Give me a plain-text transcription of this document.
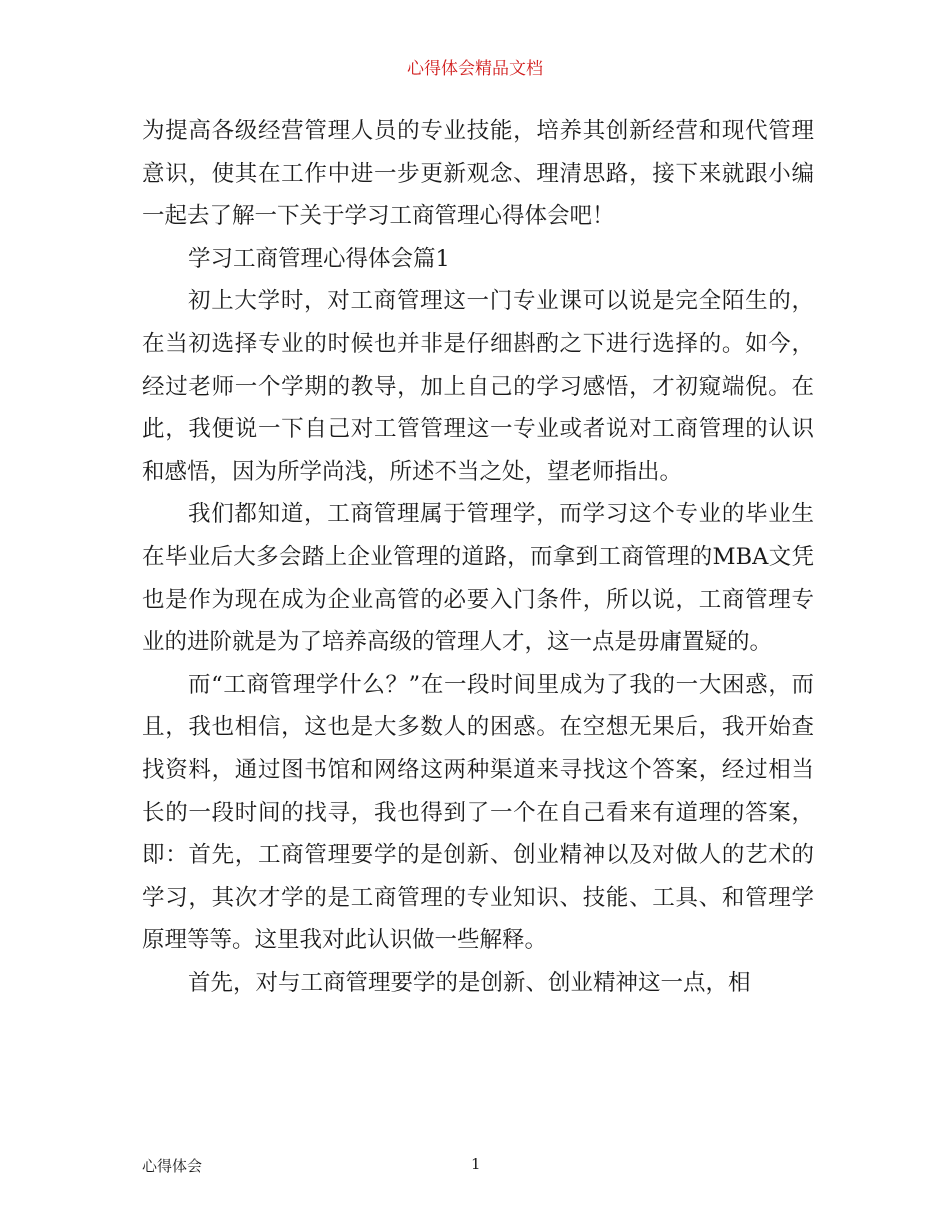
心得体会精品文档

为提高各级经营管理人员的专业技能，培养其创新经营和现代管理意识，使其在工作中进一步更新观念、理清思路，接下来就跟小编一起去了解一下关于学习工商管理心得体会吧！

学习工商管理心得体会篇1

初上大学时，对工商管理这一门专业课可以说是完全陌生的，在当初选择专业的时候也并非是仔细斟酌之下进行选择的。如今，经过老师一个学期的教导，加上自己的学习感悟，才初窥端倪。在此，我便说一下自己对工管管理这一专业或者说对工商管理的认识和感悟，因为所学尚浅，所述不当之处，望老师指出。

我们都知道，工商管理属于管理学，而学习这个专业的毕业生在毕业后大多会踏上企业管理的道路，而拿到工商管理的MBA文凭也是作为现在成为企业高管的必要入门条件，所以说，工商管理专业的进阶就是为了培养高级的管理人才，这一点是毋庸置疑的。

而“工商管理学什么？”在一段时间里成为了我的一大困惑，而且，我也相信，这也是大多数人的困惑。在空想无果后，我开始查找资料，通过图书馆和网络这两种渠道来寻找这个答案，经过相当长的一段时间的找寻，我也得到了一个在自己看来有道理的答案，即：首先，工商管理要学的是创新、创业精神以及对做人的艺术的学习，其次才学的是工商管理的专业知识、技能、工具、和管理学原理等等。这里我对此认识做一些解释。

首先，对与工商管理要学的是创新、创业精神这一点，相

心得体会	1
